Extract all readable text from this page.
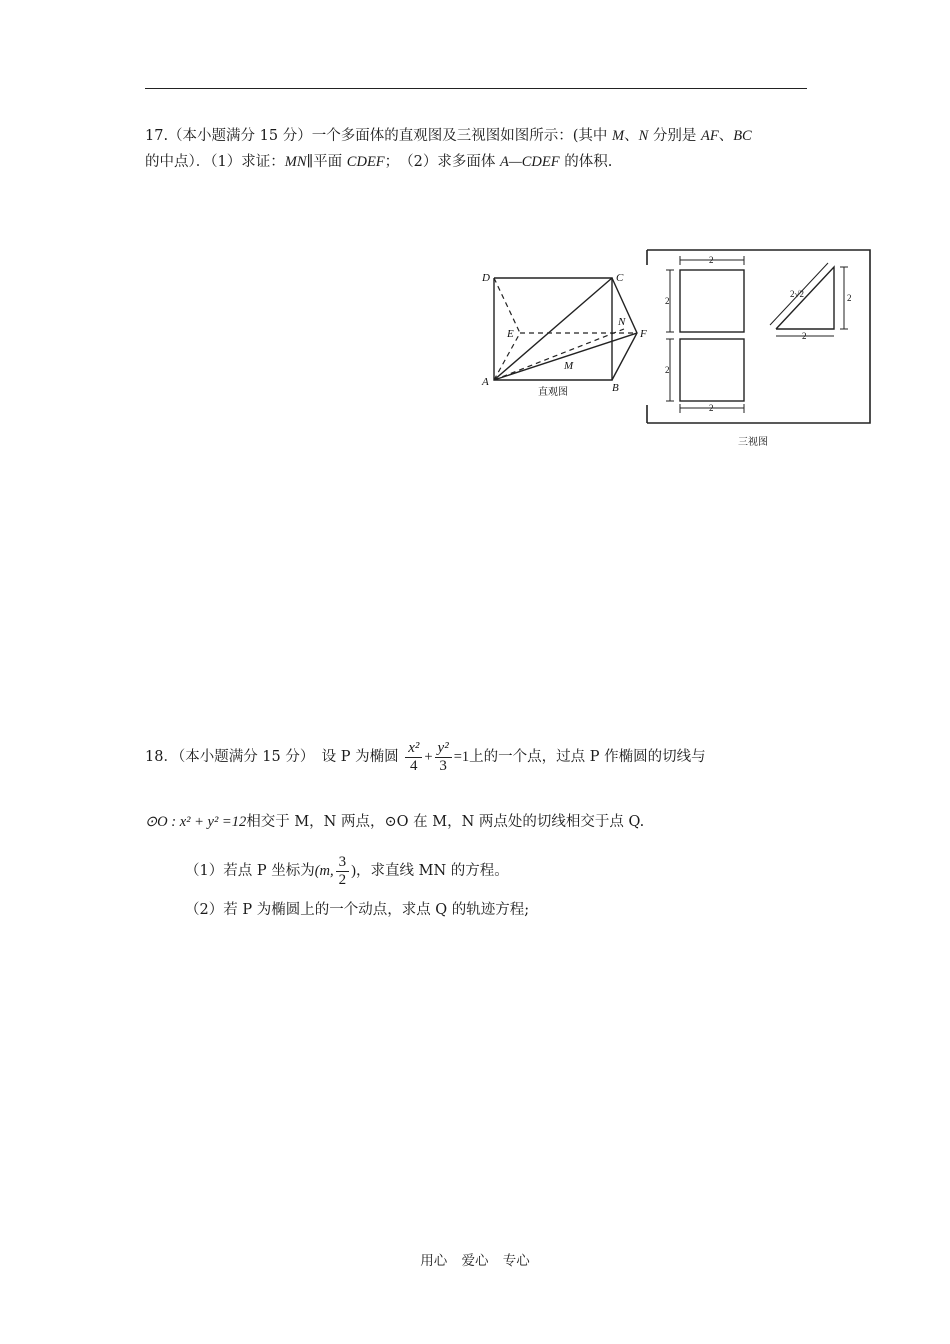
17.（本小题满分 15 分）一个多面体的直观图及三视图如图所示：(其中 M、N 分别是 AF、BC
的中点）．（1）求证：MN∥平面 CDEF；　（2）求多面体 A—CDEF 的体积.
D	C
E
N
F
M
A	B
直观图
三视图
2
2
2
2
2
2
2√2
18．（本小题满分 15 分）　设 P 为椭圆 $\frac{\text{x²}}{4} + \frac{\text{y²}}{3} =1$上的一个点，过点 P 作椭圆的切线与
⊙O : x² + y² =12相交于 M，N 两点，⊙O 在 M，N 两点处的切线相交于点 Q.
（1）若点 P 坐标为(m, $\frac{3}{2}$ )，求直线 MN 的方程。
（2）若 P 为椭圆上的一个动点，求点 Q 的轨迹方程;
用心 爱心 专心
